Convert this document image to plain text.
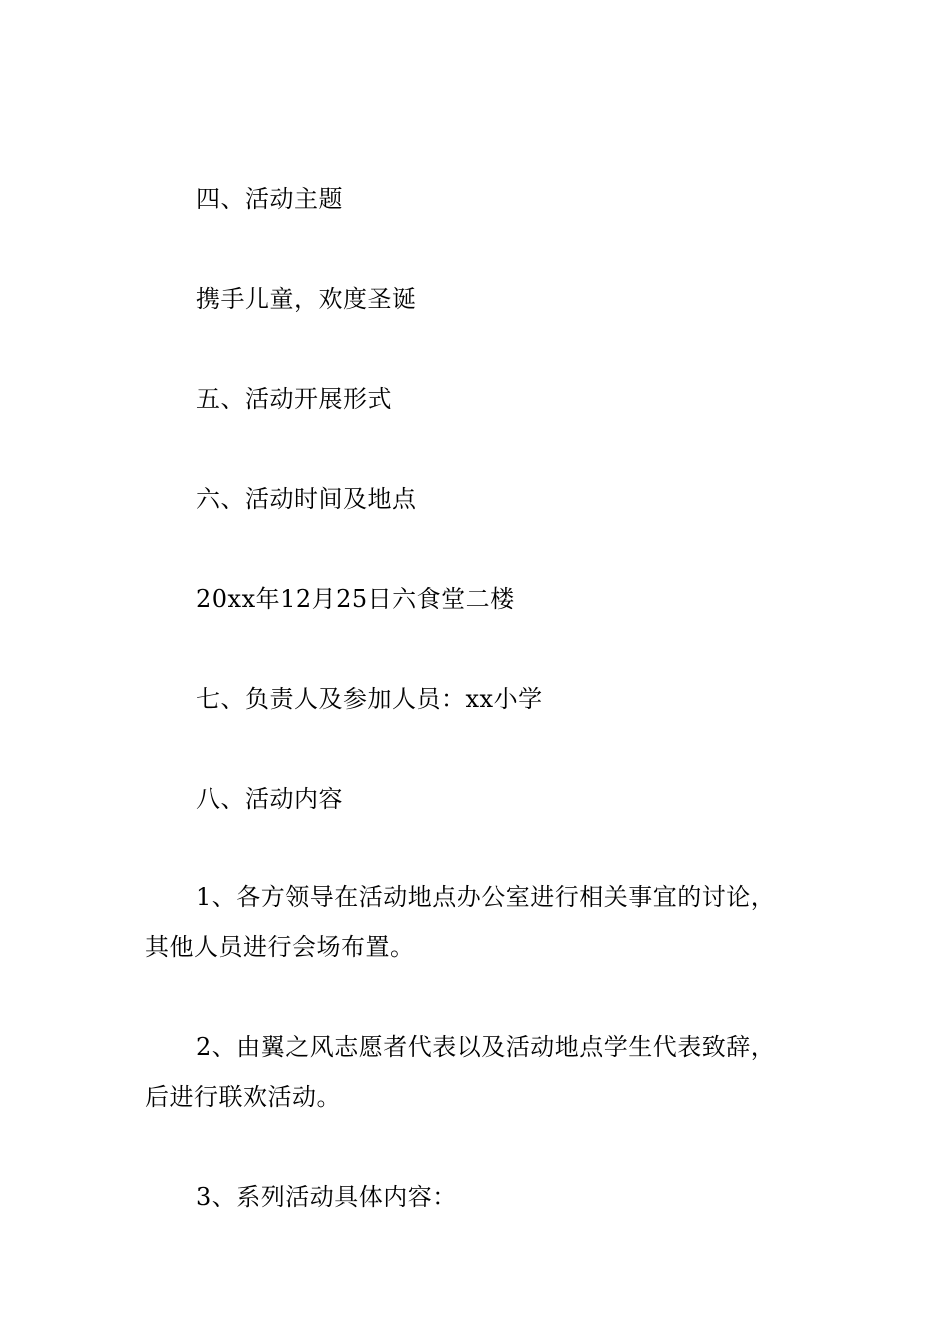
四、活动主题
携手儿童，欢度圣诞
五、活动开展形式
六、活动时间及地点
20xx年12月25日六食堂二楼
七、负责人及参加人员：xx小学
八、活动内容
1、各方领导在活动地点办公室进行相关事宜的讨论，
其他人员进行会场布置。
2、由翼之风志愿者代表以及活动地点学生代表致辞，
后进行联欢活动。
3、系列活动具体内容：
